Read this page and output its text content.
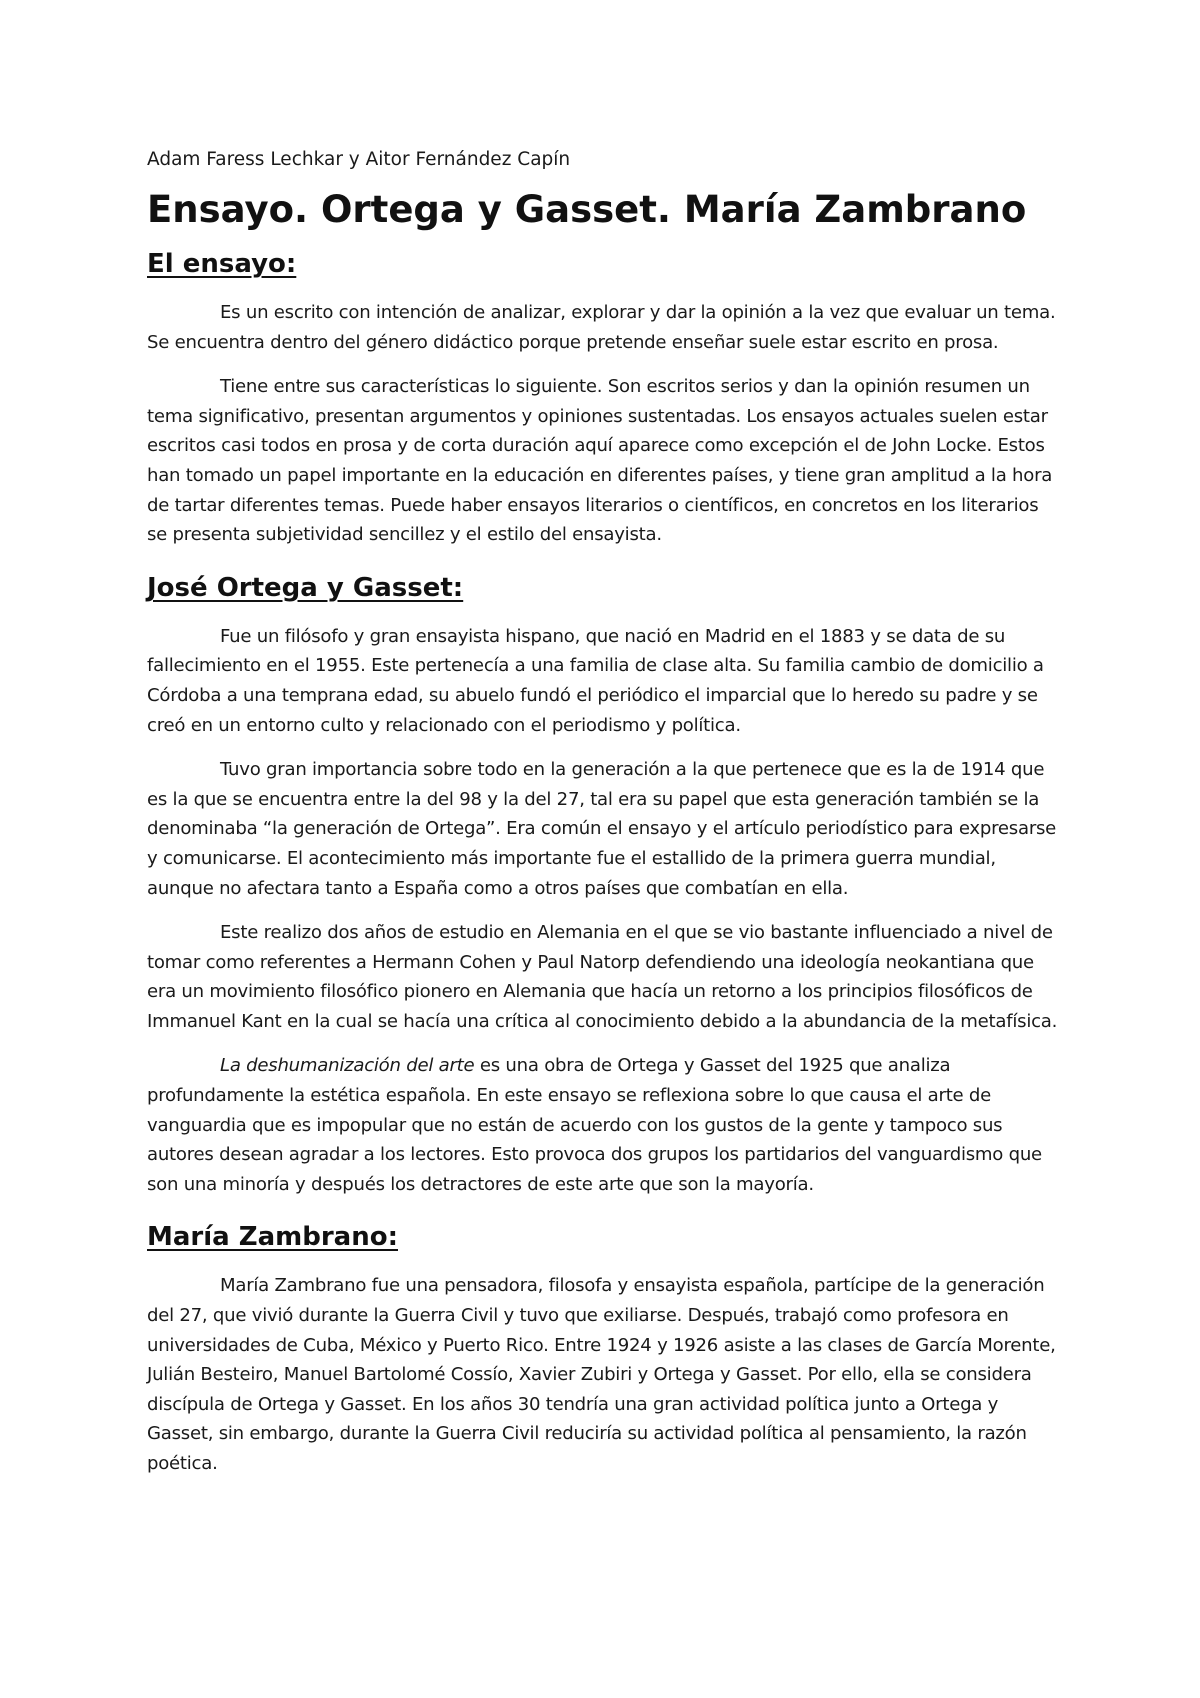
Adam Faress Lechkar y Aitor Fernández Capín

Ensayo. Ortega y Gasset. María Zambrano
El ensayo:

Es un escrito con intención de analizar, explorar y dar la opinión a la vez que evaluar un tema. Se encuentra dentro del género didáctico porque pretende enseñar suele estar escrito en prosa.

Tiene entre sus características lo siguiente. Son escritos serios y dan la opinión resumen un tema significativo, presentan argumentos y opiniones sustentadas. Los ensayos actuales suelen estar escritos casi todos en prosa y de corta duración aquí aparece como excepción el de John Locke. Estos han tomado un papel importante en la educación en diferentes países, y tiene gran amplitud a la hora de tartar diferentes temas. Puede haber ensayos literarios o científicos, en concretos en los literarios se presenta subjetividad sencillez y el estilo del ensayista.

José Ortega y Gasset:

Fue un filósofo y gran ensayista hispano, que nació en Madrid en el 1883 y se data de su fallecimiento en el 1955. Este pertenecía a una familia de clase alta. Su familia cambio de domicilio a Córdoba a una temprana edad, su abuelo fundó el periódico el imparcial que lo heredo su padre y se creó en un entorno culto y relacionado con el periodismo y política.

Tuvo gran importancia sobre todo en la generación a la que pertenece que es la de 1914 que es la que se encuentra entre la del 98 y la del 27, tal era su papel que esta generación también se la denominaba “la generación de Ortega”. Era común el ensayo y el artículo periodístico para expresarse y comunicarse. El acontecimiento más importante fue el estallido de la primera guerra mundial, aunque no afectara tanto a España como a otros países que combatían en ella.

Este realizo dos años de estudio en Alemania en el que se vio bastante influenciado a nivel de tomar como referentes a Hermann Cohen y Paul Natorp defendiendo una ideología neokantiana que era un movimiento filosófico pionero en Alemania que hacía un retorno a los principios filosóficos de Immanuel Kant en la cual se hacía una crítica al conocimiento debido a la abundancia de la metafísica.

La deshumanización del arte es una obra de Ortega y Gasset del 1925 que analiza profundamente la estética española. En este ensayo se reflexiona sobre lo que causa el arte de vanguardia que es impopular que no están de acuerdo con los gustos de la gente y tampoco sus autores desean agradar a los lectores. Esto provoca dos grupos los partidarios del vanguardismo que son una minoría y después los detractores de este arte que son la mayoría.

María Zambrano:

María Zambrano fue una pensadora, filosofa y ensayista española, partícipe de la generación del 27, que vivió durante la Guerra Civil y tuvo que exiliarse. Después, trabajó como profesora en universidades de Cuba, México y Puerto Rico. Entre 1924 y 1926 asiste a las clases de García Morente, Julián Besteiro, Manuel Bartolomé Cossío, Xavier Zubiri y Ortega y Gasset. Por ello, ella se considera discípula de Ortega y Gasset. En los años 30 tendría una gran actividad política junto a Ortega y Gasset, sin embargo, durante la Guerra Civil reduciría su actividad política al pensamiento, la razón poética.
